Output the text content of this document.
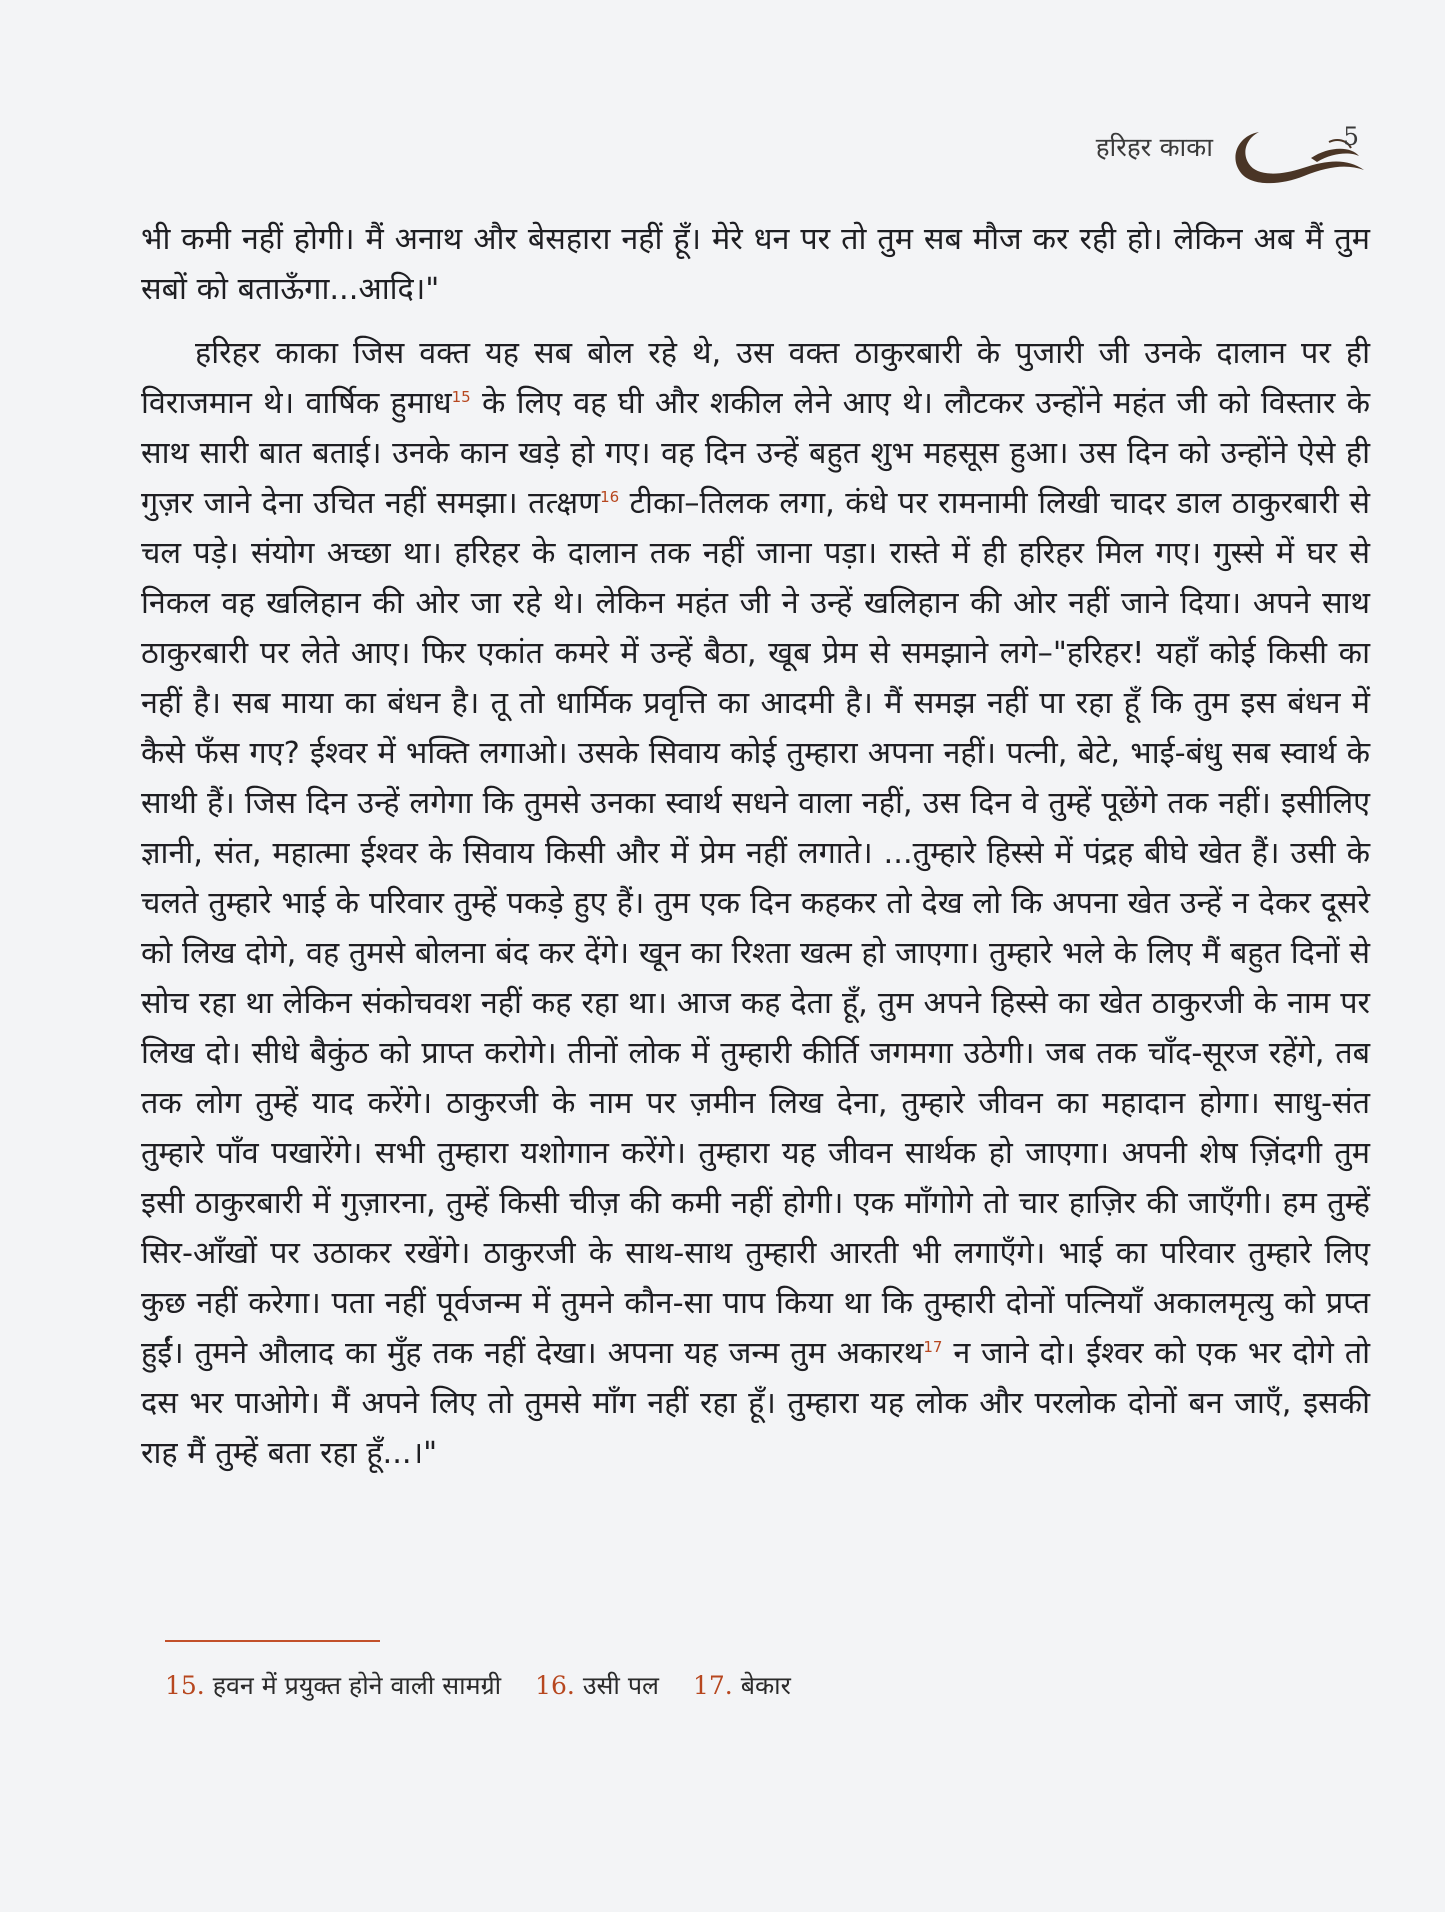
हरिहर काका	5

भी कमी नहीं होगी। मैं अनाथ और बेसहारा नहीं हूँ। मेरे धन पर तो तुम सब मौज कर रही हो। लेकिन अब मैं तुम सबों को बताऊँगा...आदि।"

हरिहर काका जिस वक्त यह सब बोल रहे थे, उस वक्त ठाकुरबारी के पुजारी जी उनके दालान पर ही विराजमान थे। वार्षिक हुमाध$^{15}$ के लिए वह घी और शकील लेने आए थे। लौटकर उन्होंने महंत जी को विस्तार के साथ सारी बात बताई। उनके कान खड़े हो गए। वह दिन उन्हें बहुत शुभ महसूस हुआ। उस दिन को उन्होंने ऐसे ही गुज़र जाने देना उचित नहीं समझा। तत्क्षण$^{16}$ टीका–तिलक लगा, कंधे पर रामनामी लिखी चादर डाल ठाकुरबारी से चल पड़े। संयोग अच्छा था। हरिहर के दालान तक नहीं जाना पड़ा। रास्ते में ही हरिहर मिल गए। गुस्से में घर से निकल वह खलिहान की ओर जा रहे थे। लेकिन महंत जी ने उन्हें खलिहान की ओर नहीं जाने दिया। अपने साथ ठाकुरबारी पर लेते आए। फिर एकांत कमरे में उन्हें बैठा, खूब प्रेम से समझाने लगे–"हरिहर! यहाँ कोई किसी का नहीं है। सब माया का बंधन है। तू तो धार्मिक प्रवृत्ति का आदमी है। मैं समझ नहीं पा रहा हूँ कि तुम इस बंधन में कैसे फँस गए? ईश्वर में भक्ति लगाओ। उसके सिवाय कोई तुम्हारा अपना नहीं। पत्नी, बेटे, भाई-बंधु सब स्वार्थ के साथी हैं। जिस दिन उन्हें लगेगा कि तुमसे उनका स्वार्थ सधने वाला नहीं, उस दिन वे तुम्हें पूछेंगे तक नहीं। इसीलिए ज्ञानी, संत, महात्मा ईश्वर के सिवाय किसी और में प्रेम नहीं लगाते। ...तुम्हारे हिस्से में पंद्रह बीघे खेत हैं। उसी के चलते तुम्हारे भाई के परिवार तुम्हें पकड़े हुए हैं। तुम एक दिन कहकर तो देख लो कि अपना खेत उन्हें न देकर दूसरे को लिख दोगे, वह तुमसे बोलना बंद कर देंगे। खून का रिश्ता खत्म हो जाएगा। तुम्हारे भले के लिए मैं बहुत दिनों से सोच रहा था लेकिन संकोचवश नहीं कह रहा था। आज कह देता हूँ, तुम अपने हिस्से का खेत ठाकुरजी के नाम पर लिख दो। सीधे बैकुंठ को प्राप्त करोगे। तीनों लोक में तुम्हारी कीर्ति जगमगा उठेगी। जब तक चाँद-सूरज रहेंगे, तब तक लोग तुम्हें याद करेंगे। ठाकुरजी के नाम पर ज़मीन लिख देना, तुम्हारे जीवन का महादान होगा। साधु-संत तुम्हारे पाँव पखारेंगे। सभी तुम्हारा यशोगान करेंगे। तुम्हारा यह जीवन सार्थक हो जाएगा। अपनी शेष ज़िंदगी तुम इसी ठाकुरबारी में गुज़ारना, तुम्हें किसी चीज़ की कमी नहीं होगी। एक माँगोगे तो चार हाज़िर की जाएँगी। हम तुम्हें सिर-आँखों पर उठाकर रखेंगे। ठाकुरजी के साथ-साथ तुम्हारी आरती भी लगाएँगे। भाई का परिवार तुम्हारे लिए कुछ नहीं करेगा। पता नहीं पूर्वजन्म में तुमने कौन-सा पाप किया था कि तुम्हारी दोनों पत्नियाँ अकालमृत्यु को प्रप्त हुईं। तुमने औलाद का मुँह तक नहीं देखा। अपना यह जन्म तुम अकारथ$^{17}$ न जाने दो। ईश्वर को एक भर दोगे तो दस भर पाओगे। मैं अपने लिए तो तुमसे माँग नहीं रहा हूँ। तुम्हारा यह लोक और परलोक दोनों बन जाएँ, इसकी राह मैं तुम्हें बता रहा हूँ...।"

15. हवन में प्रयुक्त होने वाली सामग्री 16. उसी पल 17. बेकार
